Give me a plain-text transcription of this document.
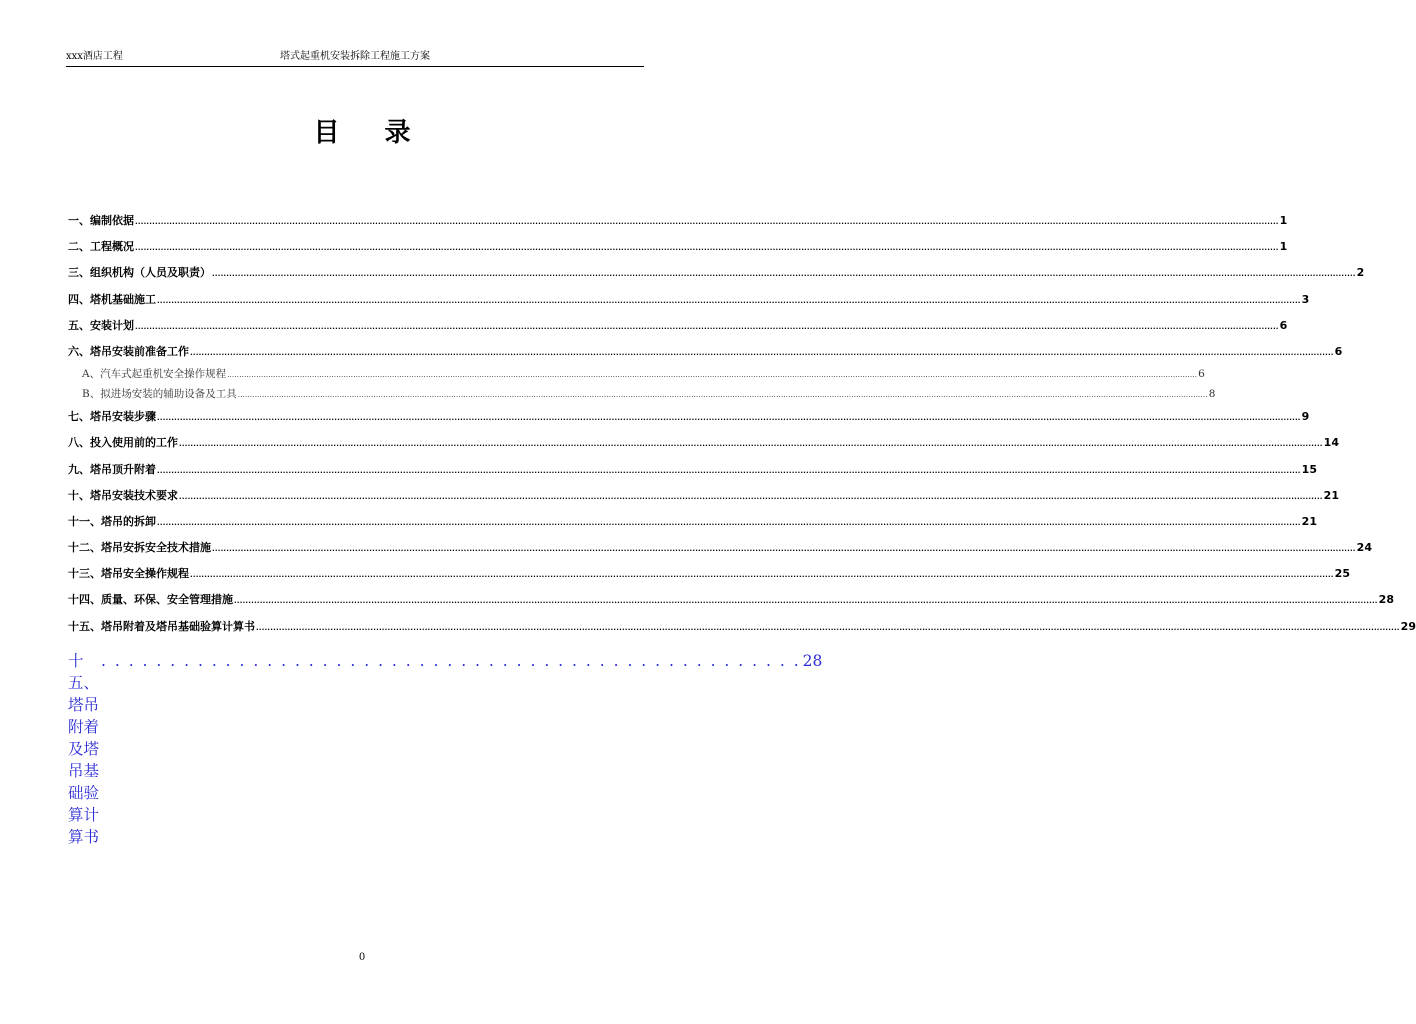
xxx酒店工程	塔式起重机安装拆除工程施工方案
目 录
一、编制依据 ................................................................................................................................................................................................................................................................................................................................................................................................................ 1
二、工程概况 ................................................................................................................................................................................................................................................................................................................................................................................................................ 1
三、组织机构（人员及职责） ................................................................................................................................................................................................................................................................................................................................................................................................................ 2
四、塔机基础施工 ................................................................................................................................................................................................................................................................................................................................................................................................................ 3
五、安装计划 ................................................................................................................................................................................................................................................................................................................................................................................................................ 6
六、塔吊安装前准备工作 ................................................................................................................................................................................................................................................................................................................................................................................................................ 6
A、汽车式起重机安全操作规程 ................................................................................................................................................................................................................................................................................................................................................................................................................ 6
B、拟进场安装的辅助设备及工具 ................................................................................................................................................................................................................................................................................................................................................................................................................ 8
七、塔吊安装步骤 ................................................................................................................................................................................................................................................................................................................................................................................................................ 9
八、投入使用前的工作 ................................................................................................................................................................................................................................................................................................................................................................................................................ 14
九、塔吊顶升附着 ................................................................................................................................................................................................................................................................................................................................................................................................................ 15
十、塔吊安装技术要求 ................................................................................................................................................................................................................................................................................................................................................................................................................ 21
十一、塔吊的拆卸 ................................................................................................................................................................................................................................................................................................................................................................................................................ 21
十二、塔吊安拆安全技术措施 ................................................................................................................................................................................................................................................................................................................................................................................................................ 24
十三、塔吊安全操作规程 ................................................................................................................................................................................................................................................................................................................................................................................................................ 25
十四、质量、环保、安全管理措施 ................................................................................................................................................................................................................................................................................................................................................................................................................ 28
十五、塔吊附着及塔吊基础验算计算书 ................................................................................................................................................................................................................................................................................................................................................................................................................ 29
十五、塔吊附着及塔吊基础验算计算书
. . . . . . . . . . . . . . . . . . . . . . . . . . . . . . . . . . . . . . . . . . . . . . . . . . . 28
0
